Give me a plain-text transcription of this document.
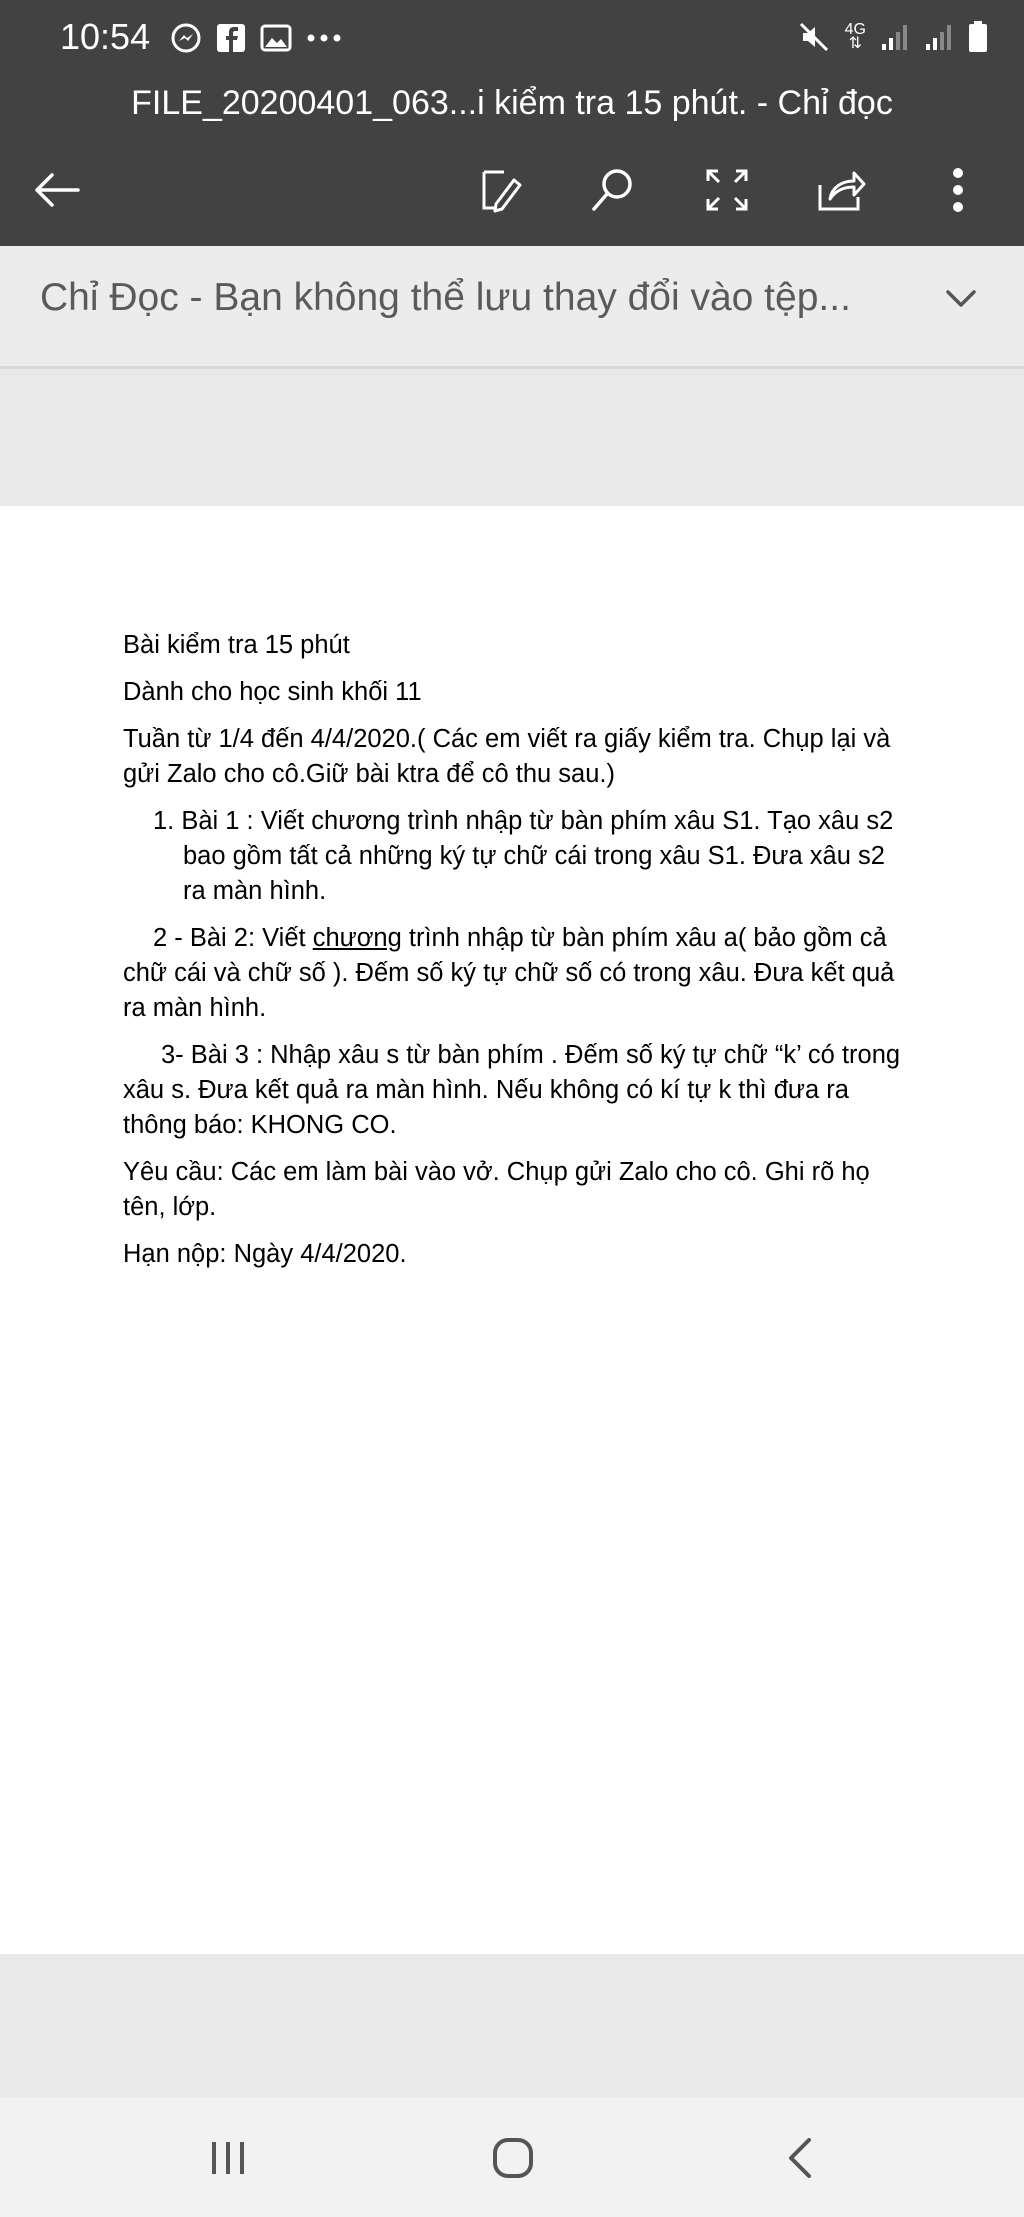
10:54	4G
⇅
FILE_20200401_063...i kiểm tra 15 phút. - Chỉ đọc
Chỉ Đọc - Bạn không thể lưu thay đổi vào tệp...

Bài kiểm tra 15 phút

Dành cho học sinh khối 11

Tuần từ 1/4 đến 4/4/2020.( Các em viết ra giấy kiểm tra. Chụp lại và gửi Zalo cho cô.Giữ bài ktra để cô thu sau.)

1. Bài 1 : Viết chương trình nhập từ bàn phím xâu S1. Tạo xâu s2 bao gồm tất cả những ký tự chữ cái trong xâu S1. Đưa xâu s2 ra màn hình.

2 - Bài 2: Viết chương trình nhập từ bàn phím xâu a( bảo gồm cả chữ cái và chữ số ). Đếm số ký tự chữ số có trong xâu. Đưa kết quả ra màn hình.

3- Bài 3 : Nhập xâu s từ bàn phím . Đếm số ký tự chữ “k’ có trong xâu s. Đưa kết quả ra màn hình. Nếu không có kí tự k thì đưa ra thông báo: KHONG CO.

Yêu cầu: Các em làm bài vào vở. Chụp gửi Zalo cho cô. Ghi rõ họ tên, lớp.

Hạn nộp: Ngày 4/4/2020.
